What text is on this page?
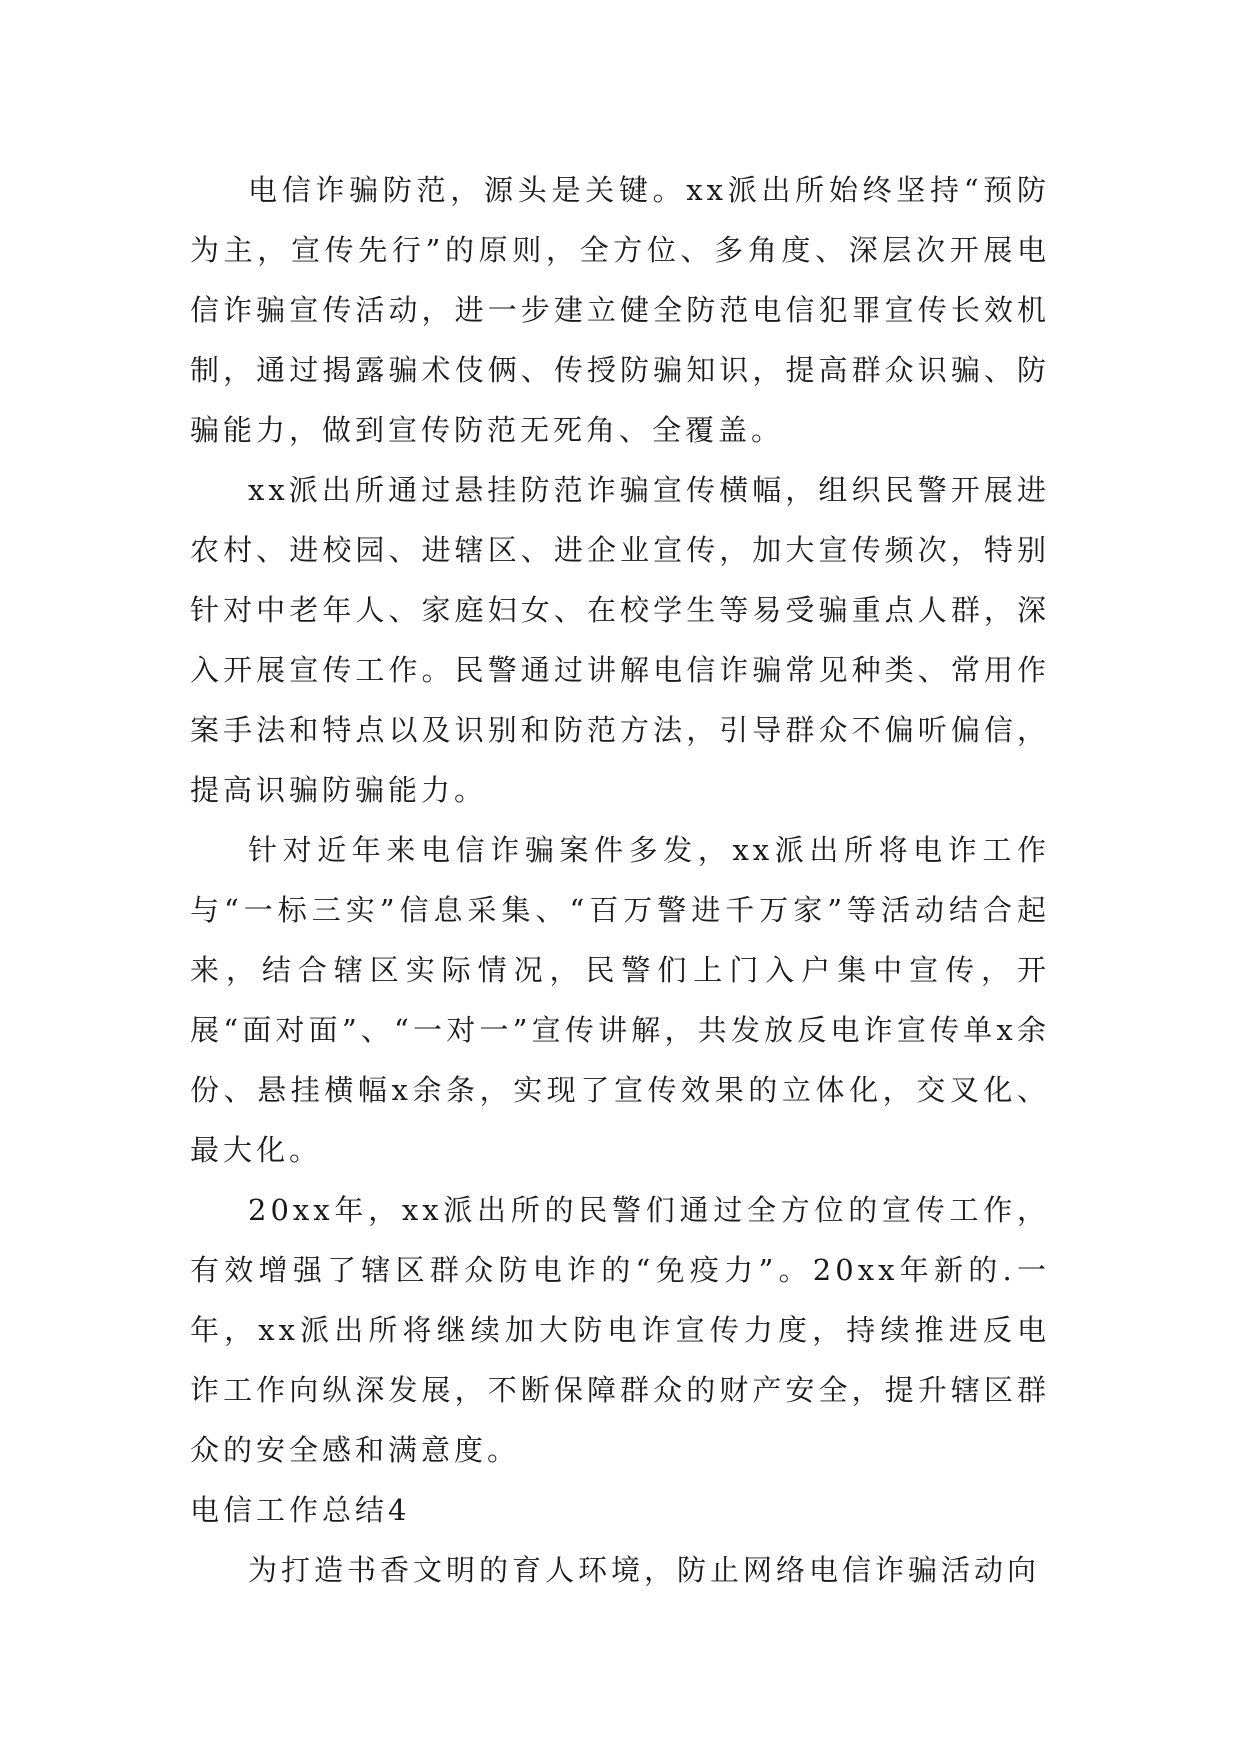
电信诈骗防范，源头是关键。xx派出所始终坚持“预防为主，宣传先行”的原则，全方位、多角度、深层次开展电信诈骗宣传活动，进一步建立健全防范电信犯罪宣传长效机制，通过揭露骗术伎俩、传授防骗知识，提高群众识骗、防骗能力，做到宣传防范无死角、全覆盖。

xx派出所通过悬挂防范诈骗宣传横幅，组织民警开展进农村、进校园、进辖区、进企业宣传，加大宣传频次，特别针对中老年人、家庭妇女、在校学生等易受骗重点人群，深入开展宣传工作。民警通过讲解电信诈骗常见种类、常用作案手法和特点以及识别和防范方法，引导群众不偏听偏信，提高识骗防骗能力。

针对近年来电信诈骗案件多发，xx派出所将电诈工作与“一标三实”信息采集、“百万警进千万家”等活动结合起来，结合辖区实际情况，民警们上门入户集中宣传，开展“面对面”、“一对一”宣传讲解，共发放反电诈宣传单x余份、悬挂横幅x余条，实现了宣传效果的立体化，交叉化、最大化。

20xx年，xx派出所的民警们通过全方位的宣传工作，有效增强了辖区群众防电诈的“免疫力”。20xx年新的.一年，xx派出所将继续加大防电诈宣传力度，持续推进反电诈工作向纵深发展，不断保障群众的财产安全，提升辖区群众的安全感和满意度。

电信工作总结4

为打造书香文明的育人环境，防止网络电信诈骗活动向
